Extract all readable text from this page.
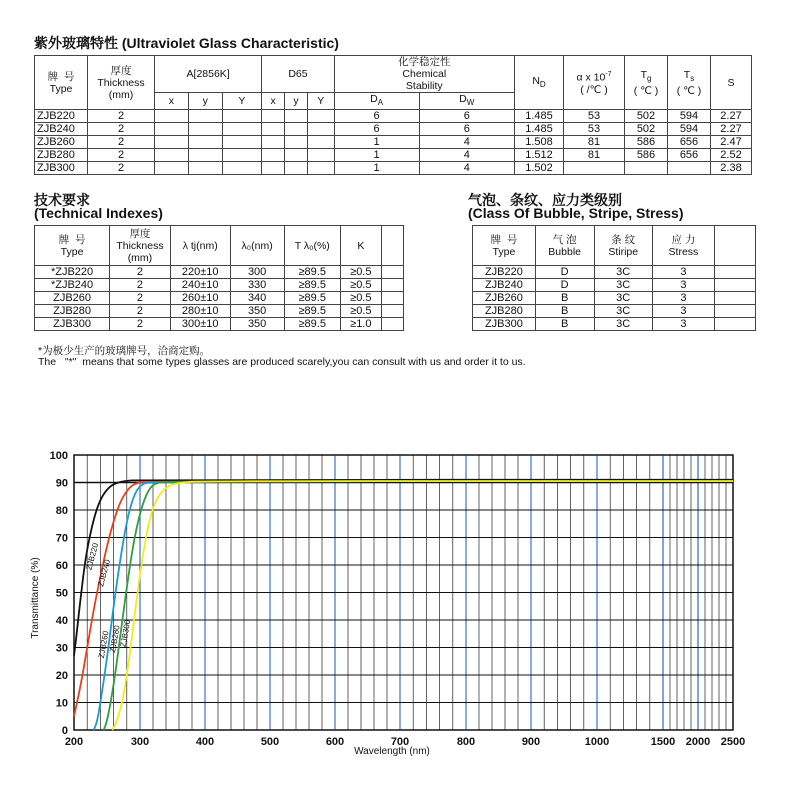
紫外玻璃特性 (Ultraviolet Glass Characteristic)
牌  号
Type	厚度
Thickness
(mm)	A[2856K]			D65			化学稳定性
Chemical
Stability		$N_D$	α x $10^{-7}$
( /℃ )	$T_g$
( ℃ )	$T_s$
( ℃ )	S
		x	y	Y	x	y	Y	$D_A$	$D_W$
ZJB220	2							6	6	1.485	53	502	594	2.27
ZJB240	2							6	6	1.485	53	502	594	2.27
ZJB260	2							1	4	1.508	81	586	656	2.47
ZJB280	2							1	4	1.512	81	586	656	2.52
ZJB300	2							1	4	1.502				2.38
技术要求
(Technical Indexes)
牌  号
Type	厚度
Thickness
(mm)	λ tj(nm)	λ₀(nm)	T λ₀(%)	K	
*ZJB220	2	220±10	300	≥89.5	≥0.5	
*ZJB240	2	240±10	330	≥89.5	≥0.5	
ZJB260	2	260±10	340	≥89.5	≥0.5	
ZJB280	2	280±10	350	≥89.5	≥0.5	
ZJB300	2	300±10	350	≥89.5	≥1.0	
气泡、条纹、应力类级别
(Class Of Bubble, Stripe, Stress)
牌  号
Type	气 泡
Bubble	条 纹
Stiripe	应 力
Stress	
ZJB220	D	3C	3	
ZJB240	D	3C	3	
ZJB260	B	3C	3	
ZJB280	B	3C	3	
ZJB300	B	3C	3	
*为极少生产的玻璃牌号，洽商定购。
The   "*"  means that some types glasses are produced scarely,you can consult with us and order it to us.
Transmittance (%)
Wavelength (nm)
0
10
20
30
40
50
60
70
80
90
100
200	300	400	500	600	700	800	900	1000	1500 2000 2500
ZJB220
ZJB240
ZJB260
ZJB280
ZJB300
